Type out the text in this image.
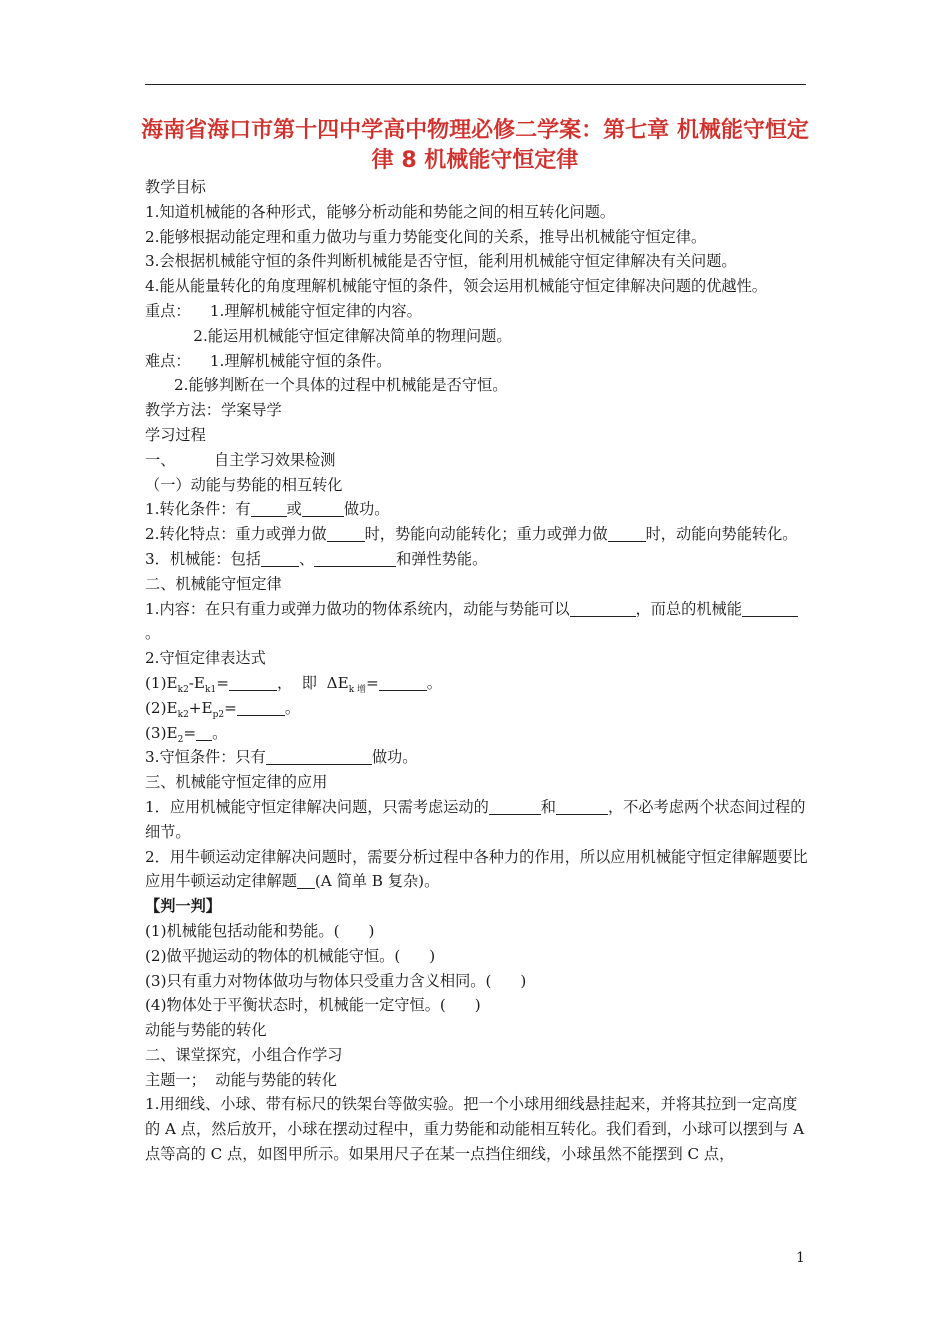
海南省海口市第十四中学高中物理必修二学案：第七章 机械能守恒定律 8 机械能守恒定律
教学目标
1.知道机械能的各种形式，能够分析动能和势能之间的相互转化问题。
2.能够根据动能定理和重力做功与重力势能变化间的关系，推导出机械能守恒定律。
3.会根据机械能守恒的条件判断机械能是否守恒，能利用机械能守恒定律解决有关问题。
4.能从能量转化的角度理解机械能守恒的条件，领会运用机械能守恒定律解决问题的优越性。
重点：    1.理解机械能守恒定律的内容。
2.能运用机械能守恒定律解决简单的物理问题。
难点：    1.理解机械能守恒的条件。
2.能够判断在一个具体的过程中机械能是否守恒。
教学方法：学案导学
学习过程
一、        自主学习效果检测
（一）动能与势能的相互转化
1.转化条件：有 或	做功。
2.转化特点：重力或弹力做	时，势能向动能转化；重力或弹力做	时，动能向势能转化。
3．机械能：包括	、	和弹性势能。
二、机械能守恒定律
1.内容：在只有重力或弹力做功的物体系统内，动能与势能可以	，而总的机械能。
2.守恒定律表达式
$(1)E_{k2}-E_{k1}=$	，  即  $\Delta E_{k 增}=$	。
$(2)E_{k2}+E_{p2}=$	。
$(3)E_2=$ 。
3.守恒条件：只有	做功。
三、机械能守恒定律的应用
1．应用机械能守恒定律解决问题，只需考虑运动的	和	，不必考虑两个状态间过程的细节。
2．用牛顿运动定律解决问题时，需要分析过程中各种力的作用，所以应用机械能守恒定律解题要比应用牛顿运动定律解题 (A 简单 B 复杂)。
【判一判】
(1)机械能包括动能和势能。(      )
(2)做平抛运动的物体的机械能守恒。(      )
(3)只有重力对物体做功与物体只受重力含义相同。(      )
(4)物体处于平衡状态时，机械能一定守恒。(      )
动能与势能的转化
二、课堂探究，小组合作学习
主题一；  动能与势能的转化
1.用细线、小球、带有标尺的铁架台等做实验。把一个小球用细线悬挂起来，并将其拉到一定高度的 A 点，然后放开，小球在摆动过程中，重力势能和动能相互转化。我们看到，小球可以摆到与 A 点等高的 C 点，如图甲所示。如果用尺子在某一点挡住细线，小球虽然不能摆到 C 点，
1
